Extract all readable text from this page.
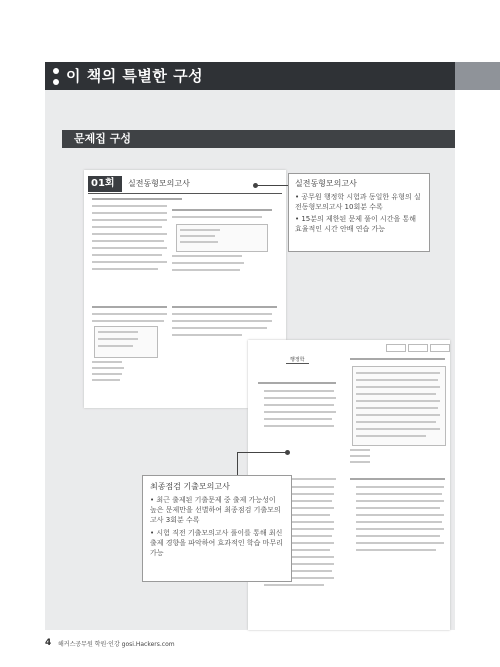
이 책의 특별한 구성
문제집 구성
01회	실전동형모의고사
행정학
실전동형모의고사
• 공무원 행정학 시험과 동일한 유형의 실전동형모의고사 10회분 수록
• 15분의 제한된 문제 풀이 시간을 통해 효율적인 시간 안배 연습 가능
최종점검 기출모의고사
• 최근 출제된 기출문제 중 출제 가능성이 높은 문제만을 선별하여 최종점검 기출모의고사 3회분 수록
• 시험 직전 기출모의고사 풀이를 통해 최신 출제 경향을 파악하여 효과적인 학습 마무리 가능
4 해커스공무원 학원·인강 gosi.Hackers.com
